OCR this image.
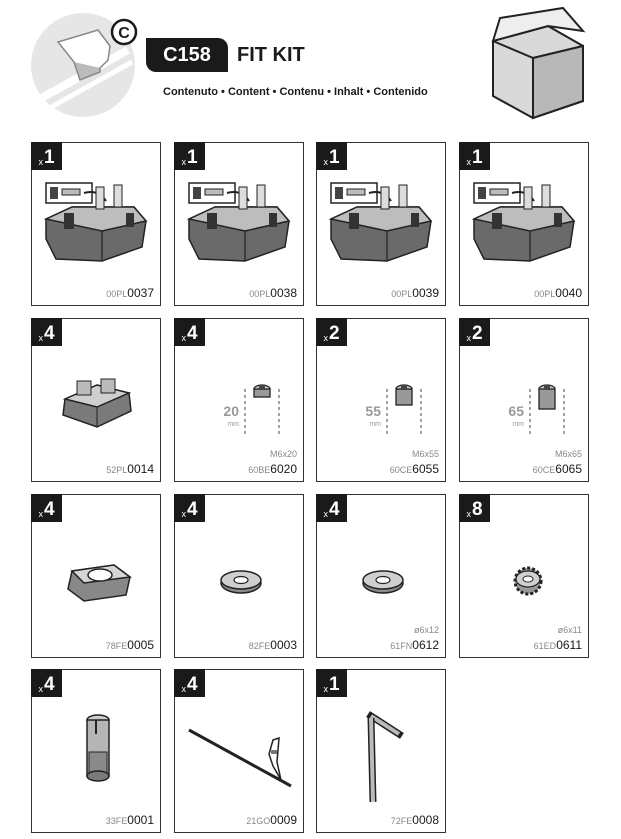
C
C158	FIT KIT
Contenuto • Content • Contenu • Inhalt • Contenido
x 1
00PL0037
x 1
00PL0038
x 1
00PL0039
x 1
00PL0040
x 4
52PL0014
20
mm
x 4
M6x20
60BE6020
55
mm
x 2
M6x55
60CE6055
65
mm
x 2
M6x65
60CE6065
x 4
78FE0005
x 4
82FE0003
x 4
ø6x12
61FN0612
x 8
ø6x11
61ED0611
x 4
33FE0001
x 4
21GO0009
x 1
72FE0008
